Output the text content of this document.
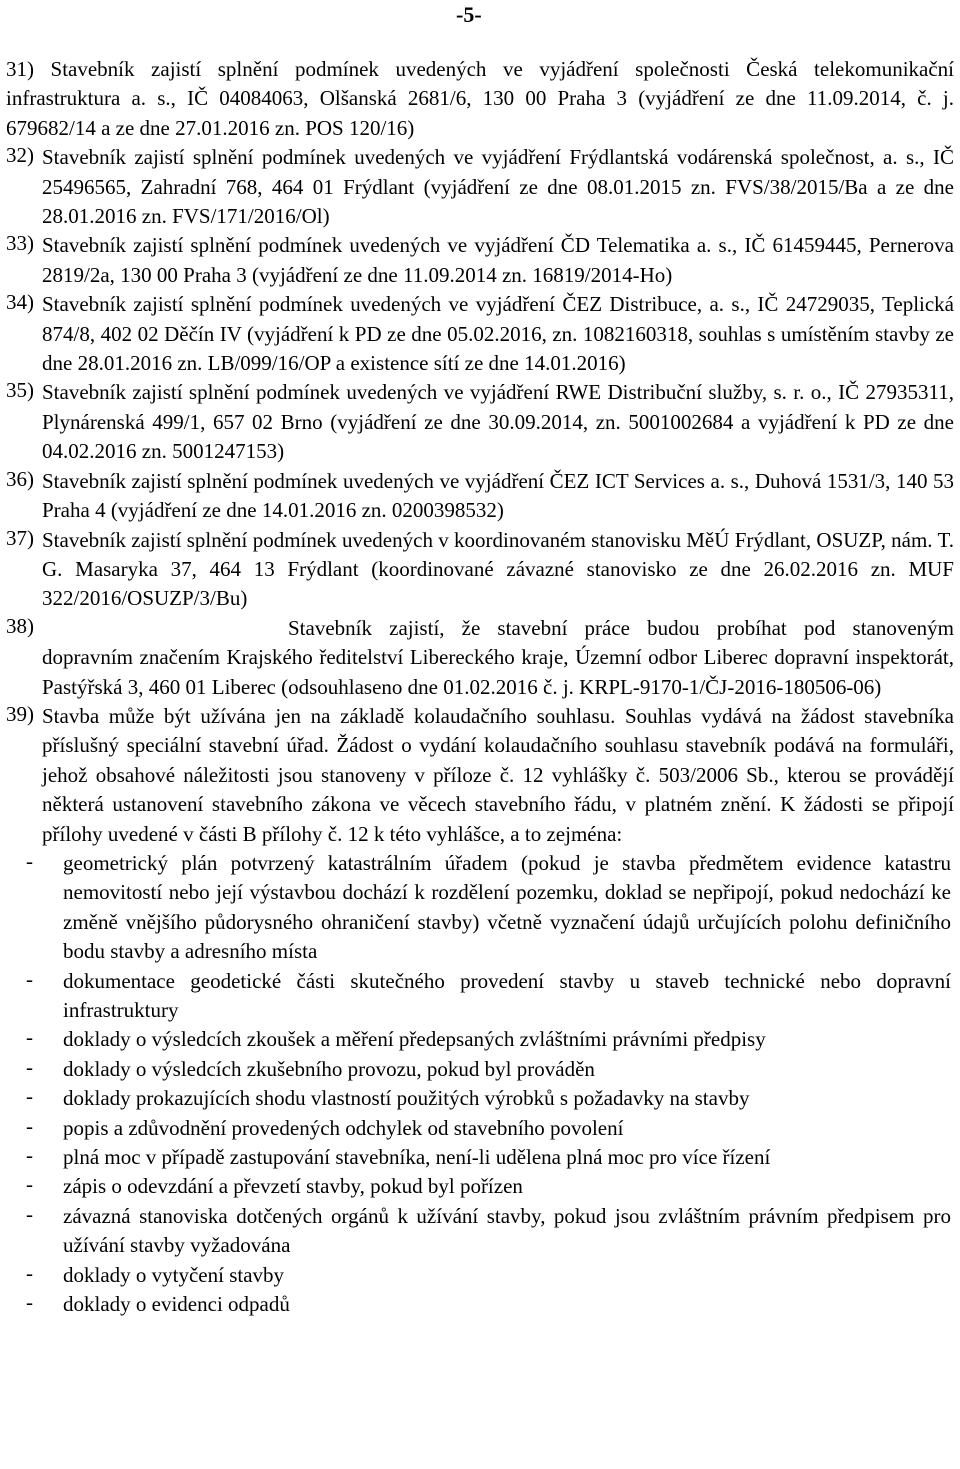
-5-

31) Stavebník zajistí splnění podmínek uvedených ve vyjádření společnosti Česká telekomunikační infrastruktura a. s., IČ 04084063, Olšanská 2681/6, 130 00 Praha 3 (vyjádření ze dne 11.09.2014, č. j. 679682/14 a ze dne 27.01.2016 zn. POS 120/16)

32) Stavebník zajistí splnění podmínek uvedených ve vyjádření Frýdlantská vodárenská společnost, a. s., IČ 25496565, Zahradní 768, 464 01 Frýdlant (vyjádření ze dne 08.01.2015 zn. FVS/38/2015/Ba a ze dne 28.01.2016 zn. FVS/171/2016/Ol)

33) Stavebník zajistí splnění podmínek uvedených ve vyjádření ČD Telematika a. s., IČ 61459445, Pernerova 2819/2a, 130 00 Praha 3 (vyjádření ze dne 11.09.2014 zn. 16819/2014-Ho)

34) Stavebník zajistí splnění podmínek uvedených ve vyjádření ČEZ Distribuce, a. s., IČ 24729035, Teplická 874/8, 402 02 Děčín IV (vyjádření k PD ze dne 05.02.2016, zn. 1082160318, souhlas s umístěním stavby ze dne 28.01.2016 zn. LB/099/16/OP a existence sítí ze dne 14.01.2016)

35) Stavebník zajistí splnění podmínek uvedených ve vyjádření RWE Distribuční služby, s. r. o., IČ 27935311, Plynárenská 499/1, 657 02 Brno (vyjádření ze dne 30.09.2014, zn. 5001002684 a vyjádření k PD ze dne 04.02.2016 zn. 5001247153)

36) Stavebník zajistí splnění podmínek uvedených ve vyjádření ČEZ ICT Services a. s., Duhová 1531/3, 140 53 Praha 4 (vyjádření ze dne 14.01.2016 zn. 0200398532)

37) Stavebník zajistí splnění podmínek uvedených v koordinovaném stanovisku MěÚ Frýdlant, OSUZP, nám. T. G. Masaryka 37, 464 13 Frýdlant (koordinované závazné stanovisko ze dne 26.02.2016 zn. MUF 322/2016/OSUZP/3/Bu)

38)	Stavebník zajistí, že stavební práce budou probíhat pod stanoveným dopravním značením Krajského ředitelství Libereckého kraje, Územní odbor Liberec dopravní inspektorát, Pastýřská 3, 460 01 Liberec (odsouhlaseno dne 01.02.2016 č. j. KRPL-9170-1/ČJ-2016-180506-06)

39) Stavba může být užívána jen na základě kolaudačního souhlasu. Souhlas vydává na žádost stavebníka příslušný speciální stavební úřad. Žádost o vydání kolaudačního souhlasu stavebník podává na formuláři, jehož obsahové náležitosti jsou stanoveny v příloze č. 12 vyhlášky č. 503/2006 Sb., kterou se provádějí některá ustanovení stavebního zákona ve věcech stavebního řádu, v platném znění. K žádosti se připojí přílohy uvedené v části B přílohy č. 12 k této vyhlášce, a to zejména:

- geometrický plán potvrzený katastrálním úřadem (pokud je stavba předmětem evidence katastru nemovitostí nebo její výstavbou dochází k rozdělení pozemku, doklad se nepřipojí, pokud nedochází ke změně vnějšího půdorysného ohraničení stavby) včetně vyznačení údajů určujících polohu definičního bodu stavby a adresního místa

- dokumentace geodetické části skutečného provedení stavby u staveb technické nebo dopravní infrastruktury

- doklady o výsledcích zkoušek a měření předepsaných zvláštními právními předpisy

- doklady o výsledcích zkušebního provozu, pokud byl prováděn

- doklady prokazujících shodu vlastností použitých výrobků s požadavky na stavby

- popis a zdůvodnění provedených odchylek od stavebního povolení

- plná moc v případě zastupování stavebníka, není-li udělena plná moc pro více řízení

- zápis o odevzdání a převzetí stavby, pokud byl pořízen

- závazná stanoviska dotčených orgánů k užívání stavby, pokud jsou zvláštním právním předpisem pro užívání stavby vyžadována

- doklady o vytyčení stavby

- doklady o evidenci odpadů
